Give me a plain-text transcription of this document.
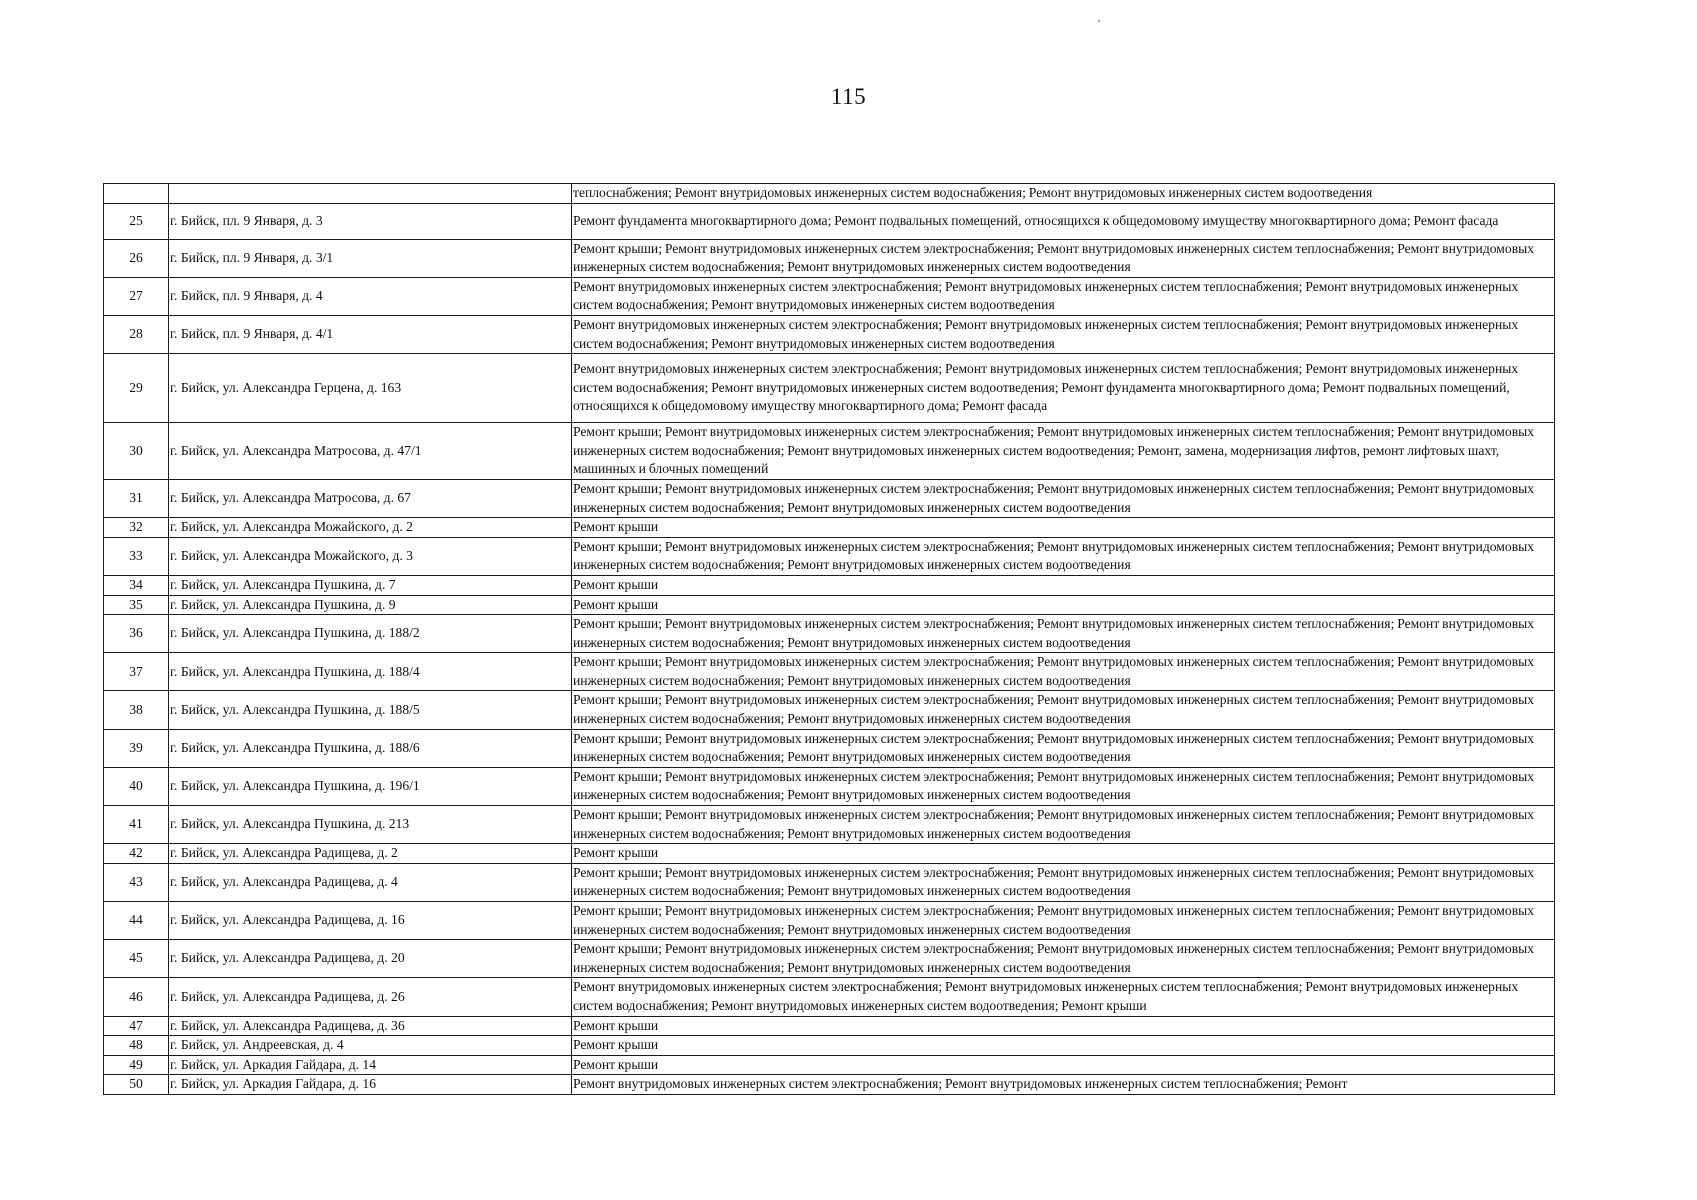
115
		теплоснабжения; Ремонт внутридомовых инженерных систем водоснабжения; Ремонт внутридомовых инженерных систем водоотведения
25	г. Бийск, пл. 9 Января, д. 3	Ремонт фундамента многоквартирного дома; Ремонт подвальных помещений, относящихся к общедомовому имуществу многоквартирного дома; Ремонт фасада
26	г. Бийск, пл. 9 Января, д. 3/1	Ремонт крыши; Ремонт внутридомовых инженерных систем электроснабжения; Ремонт внутридомовых инженерных систем теплоснабжения; Ремонт внутридомовых инженерных систем водоснабжения; Ремонт внутридомовых инженерных систем водоотведения
27	г. Бийск, пл. 9 Января, д. 4	Ремонт внутридомовых инженерных систем электроснабжения; Ремонт внутридомовых инженерных систем теплоснабжения; Ремонт внутридомовых инженерных систем водоснабжения; Ремонт внутридомовых инженерных систем водоотведения
28	г. Бийск, пл. 9 Января, д. 4/1	Ремонт внутридомовых инженерных систем электроснабжения; Ремонт внутридомовых инженерных систем теплоснабжения; Ремонт внутридомовых инженерных систем водоснабжения; Ремонт внутридомовых инженерных систем водоотведения
29	г. Бийск, ул. Александра Герцена, д. 163	Ремонт внутридомовых инженерных систем электроснабжения; Ремонт внутридомовых инженерных систем теплоснабжения; Ремонт внутридомовых инженерных систем водоснабжения; Ремонт внутридомовых инженерных систем водоотведения; Ремонт фундамента многоквартирного дома; Ремонт подвальных помещений, относящихся к общедомовому имуществу многоквартирного дома; Ремонт фасада
30	г. Бийск, ул. Александра Матросова, д. 47/1	Ремонт крыши; Ремонт внутридомовых инженерных систем электроснабжения; Ремонт внутридомовых инженерных систем теплоснабжения; Ремонт внутридомовых инженерных систем водоснабжения; Ремонт внутридомовых инженерных систем водоотведения; Ремонт, замена, модернизация лифтов, ремонт лифтовых шахт, машинных и блочных помещений
31	г. Бийск, ул. Александра Матросова, д. 67	Ремонт крыши; Ремонт внутридомовых инженерных систем электроснабжения; Ремонт внутридомовых инженерных систем теплоснабжения; Ремонт внутридомовых инженерных систем водоснабжения; Ремонт внутридомовых инженерных систем водоотведения
32	г. Бийск, ул. Александра Можайского, д. 2	Ремонт крыши
33	г. Бийск, ул. Александра Можайского, д. 3	Ремонт крыши; Ремонт внутридомовых инженерных систем электроснабжения; Ремонт внутридомовых инженерных систем теплоснабжения; Ремонт внутридомовых инженерных систем водоснабжения; Ремонт внутридомовых инженерных систем водоотведения
34	г. Бийск, ул. Александра Пушкина, д. 7	Ремонт крыши
35	г. Бийск, ул. Александра Пушкина, д. 9	Ремонт крыши
36	г. Бийск, ул. Александра Пушкина, д. 188/2	Ремонт крыши; Ремонт внутридомовых инженерных систем электроснабжения; Ремонт внутридомовых инженерных систем теплоснабжения; Ремонт внутридомовых инженерных систем водоснабжения; Ремонт внутридомовых инженерных систем водоотведения
37	г. Бийск, ул. Александра Пушкина, д. 188/4	Ремонт крыши; Ремонт внутридомовых инженерных систем электроснабжения; Ремонт внутридомовых инженерных систем теплоснабжения; Ремонт внутридомовых инженерных систем водоснабжения; Ремонт внутридомовых инженерных систем водоотведения
38	г. Бийск, ул. Александра Пушкина, д. 188/5	Ремонт крыши; Ремонт внутридомовых инженерных систем электроснабжения; Ремонт внутридомовых инженерных систем теплоснабжения; Ремонт внутридомовых инженерных систем водоснабжения; Ремонт внутридомовых инженерных систем водоотведения
39	г. Бийск, ул. Александра Пушкина, д. 188/6	Ремонт крыши; Ремонт внутридомовых инженерных систем электроснабжения; Ремонт внутридомовых инженерных систем теплоснабжения; Ремонт внутридомовых инженерных систем водоснабжения; Ремонт внутридомовых инженерных систем водоотведения
40	г. Бийск, ул. Александра Пушкина, д. 196/1	Ремонт крыши; Ремонт внутридомовых инженерных систем электроснабжения; Ремонт внутридомовых инженерных систем теплоснабжения; Ремонт внутридомовых инженерных систем водоснабжения; Ремонт внутридомовых инженерных систем водоотведения
41	г. Бийск, ул. Александра Пушкина, д. 213	Ремонт крыши; Ремонт внутридомовых инженерных систем электроснабжения; Ремонт внутридомовых инженерных систем теплоснабжения; Ремонт внутридомовых инженерных систем водоснабжения; Ремонт внутридомовых инженерных систем водоотведения
42	г. Бийск, ул. Александра Радищева, д. 2	Ремонт крыши
43	г. Бийск, ул. Александра Радищева, д. 4	Ремонт крыши; Ремонт внутридомовых инженерных систем электроснабжения; Ремонт внутридомовых инженерных систем теплоснабжения; Ремонт внутридомовых инженерных систем водоснабжения; Ремонт внутридомовых инженерных систем водоотведения
44	г. Бийск, ул. Александра Радищева, д. 16	Ремонт крыши; Ремонт внутридомовых инженерных систем электроснабжения; Ремонт внутридомовых инженерных систем теплоснабжения; Ремонт внутридомовых инженерных систем водоснабжения; Ремонт внутридомовых инженерных систем водоотведения
45	г. Бийск, ул. Александра Радищева, д. 20	Ремонт крыши; Ремонт внутридомовых инженерных систем электроснабжения; Ремонт внутридомовых инженерных систем теплоснабжения; Ремонт внутридомовых инженерных систем водоснабжения; Ремонт внутридомовых инженерных систем водоотведения
46	г. Бийск, ул. Александра Радищева, д. 26	Ремонт внутридомовых инженерных систем электроснабжения; Ремонт внутридомовых инженерных систем теплоснабжения; Ремонт внутридомовых инженерных систем водоснабжения; Ремонт внутридомовых инженерных систем водоотведения; Ремонт крыши
47	г. Бийск, ул. Александра Радищева, д. 36	Ремонт крыши
48	г. Бийск, ул. Андреевская, д. 4	Ремонт крыши
49	г. Бийск, ул. Аркадия Гайдара, д. 14	Ремонт крыши
50	г. Бийск, ул. Аркадия Гайдара, д. 16	Ремонт внутридомовых инженерных систем электроснабжения; Ремонт внутридомовых инженерных систем теплоснабжения; Ремонт
